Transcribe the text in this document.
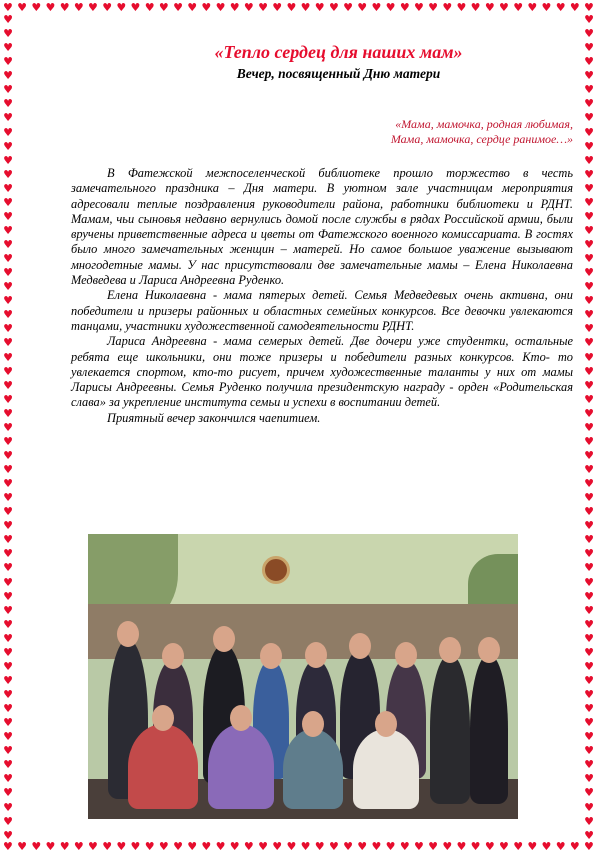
♥ ♥ ♥ ♥ ♥ ♥ ♥ ♥ ♥ ♥ ♥ ♥ ♥ ♥ ♥ ♥ ♥ ♥ ♥ ♥ ♥ ♥ ♥ ♥ ♥ ♥ ♥ ♥ ♥ ♥ ♥ ♥ ♥ ♥ ♥ ♥ ♥ ♥ ♥ ♥ ♥ ♥
♥ ♥ ♥ ♥ ♥ ♥ ♥ ♥ ♥ ♥ ♥ ♥ ♥ ♥ ♥ ♥ ♥ ♥ ♥ ♥ ♥ ♥ ♥ ♥ ♥ ♥ ♥ ♥ ♥ ♥ ♥ ♥ ♥ ♥ ♥ ♥ ♥ ♥ ♥ ♥ ♥ ♥
♥
♥
♥
♥
♥
♥
♥
♥
♥
♥
♥
♥
♥
♥
♥
♥
♥
♥
♥
♥
♥
♥
♥
♥
♥
♥
♥
♥
♥
♥
♥
♥
♥
♥
♥
♥
♥
♥
♥
♥
♥
♥
♥
♥
♥
♥
♥
♥
♥
♥
♥
♥
♥
♥
♥
♥
♥
♥
♥
♥
♥
♥
♥
♥
♥
♥
♥
♥
♥
♥
♥
♥
♥
♥
♥
♥
♥
♥
♥
♥
♥
♥
♥
♥
♥
♥
♥
♥
♥
♥
♥
♥
♥
♥
♥
♥
♥
♥
♥
♥
♥
♥
♥
♥
♥
♥
♥
♥
♥
♥
♥
♥
♥
♥
♥
♥
♥
♥
«Тепло сердец для наших мам»
Вечер, посвященный Дню матери
«Мама, мамочка, родная любимая,
Мама, мамочка, сердце ранимое…»

В Фатежской межпоселенческой библиотеке прошло торжество в честь замечательного праздника – Дня матери. В уютном зале участницам мероприятия адресовали теплые поздравления руководители района, работники библиотеки и РДНТ. Мамам, чьи сыновья недавно вернулись домой после службы в рядах Российской армии, были вручены приветственные адреса и цветы от Фатежского военного комиссариата. В гостях было много замечательных женщин – матерей. Но самое большое уважение вызывают многодетные мамы. У нас присутствовали две замечательные мамы – Елена Николаевна Медведева и Лариса Андреевна Руденко.

Елена Николаевна - мама пятерых детей. Семья Медведевых очень активна, они победители и призеры районных и областных семейных конкурсов. Все девочки увлекаются танцами, участники художественной самодеятельности РДНТ.

Лариса Андреевна - мама семерых детей. Две дочери уже студентки, остальные ребята еще школьники, они тоже призеры и победители разных конкурсов. Кто- то увлекается спортом, кто-то рисует, причем художественные таланты у них от мамы Ларисы Андреевны. Семья Руденко получила президентскую награду - орден «Родительская слава» за укрепление института семьи и успехи в воспитании детей.

Приятный вечер закончился чаепитием.
